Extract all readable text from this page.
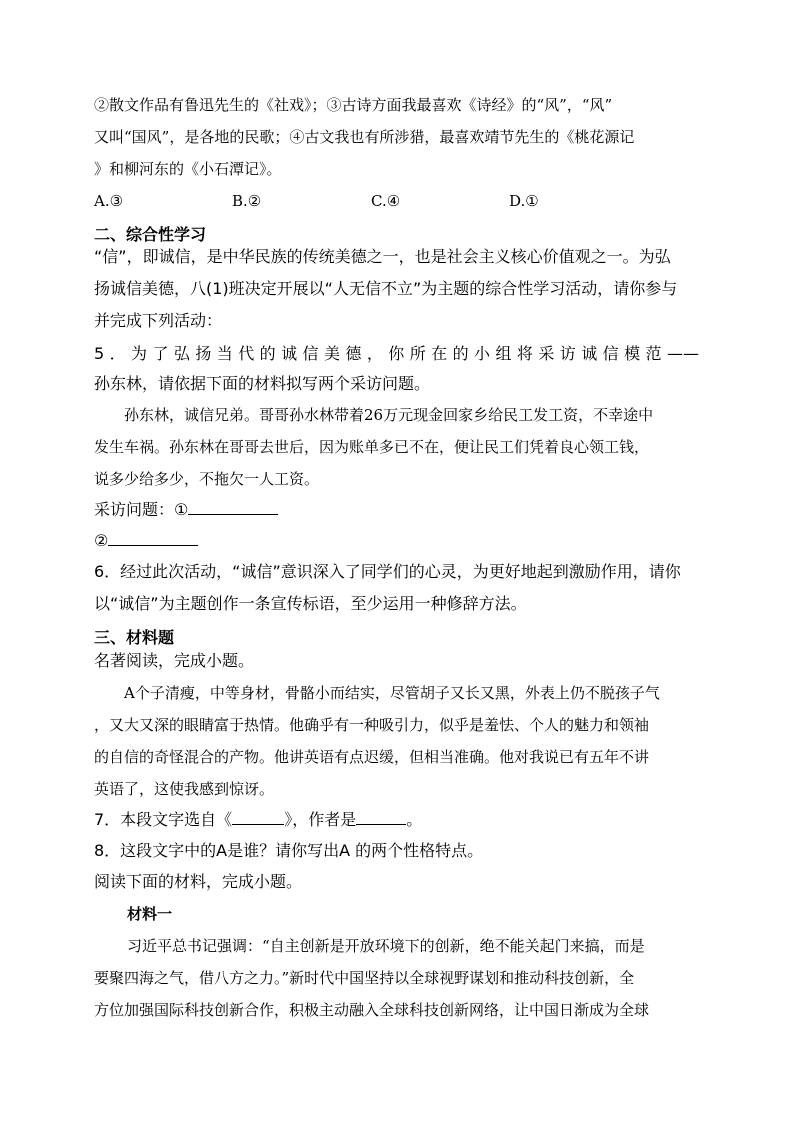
②散文作品有鲁迅先生的《社戏》；③古诗方面我最喜欢《诗经》的“风”，“风”
又叫“国风”，是各地的民歌；④古文我也有所涉猎，最喜欢靖节先生的《桃花源记
》和柳河东的《小石潭记》。
A.③	B.②	C.④	D.①
二、综合性学习
“信”，即诚信，是中华民族的传统美德之一，也是社会主义核心价值观之一。为弘
扬诚信美德，八(1)班决定开展以“人无信不立”为主题的综合性学习活动，请你参与
并完成下列活动：
5．为了弘扬当代的诚信美德，你所在的小组将采访诚信模范——
孙东林，请依据下面的材料拟写两个采访问题。
孙东林，诚信兄弟。哥哥孙水林带着26万元现金回家乡给民工发工资，不幸途中
发生车祸。孙东林在哥哥去世后，因为账单多已不在，便让民工们凭着良心领工钱，
说多少给多少，不拖欠一人工资。
采访问题：①
②
6．经过此次活动，“诚信”意识深入了同学们的心灵，为更好地起到激励作用，请你
以“诚信”为主题创作一条宣传标语，至少运用一种修辞方法。
三、材料题
名著阅读，完成小题。
A个子清瘦，中等身材，骨骼小而结实，尽管胡子又长又黑，外表上仍不脱孩子气
，又大又深的眼睛富于热情。他确乎有一种吸引力，似乎是羞怯、个人的魅力和领袖
的自信的奇怪混合的产物。他讲英语有点迟缓，但相当准确。他对我说已有五年不讲
英语了，这使我感到惊讶。
7．本段文字选自《	》，作者是	。
8．这段文字中的A是谁？请你写出A 的两个性格特点。
阅读下面的材料，完成小题。
材料一
习近平总书记强调：“自主创新是开放环境下的创新，绝不能关起门来搞，而是
要聚四海之气，借八方之力。”新时代中国坚持以全球视野谋划和推动科技创新，全
方位加强国际科技创新合作，积极主动融入全球科技创新网络，让中国日渐成为全球
